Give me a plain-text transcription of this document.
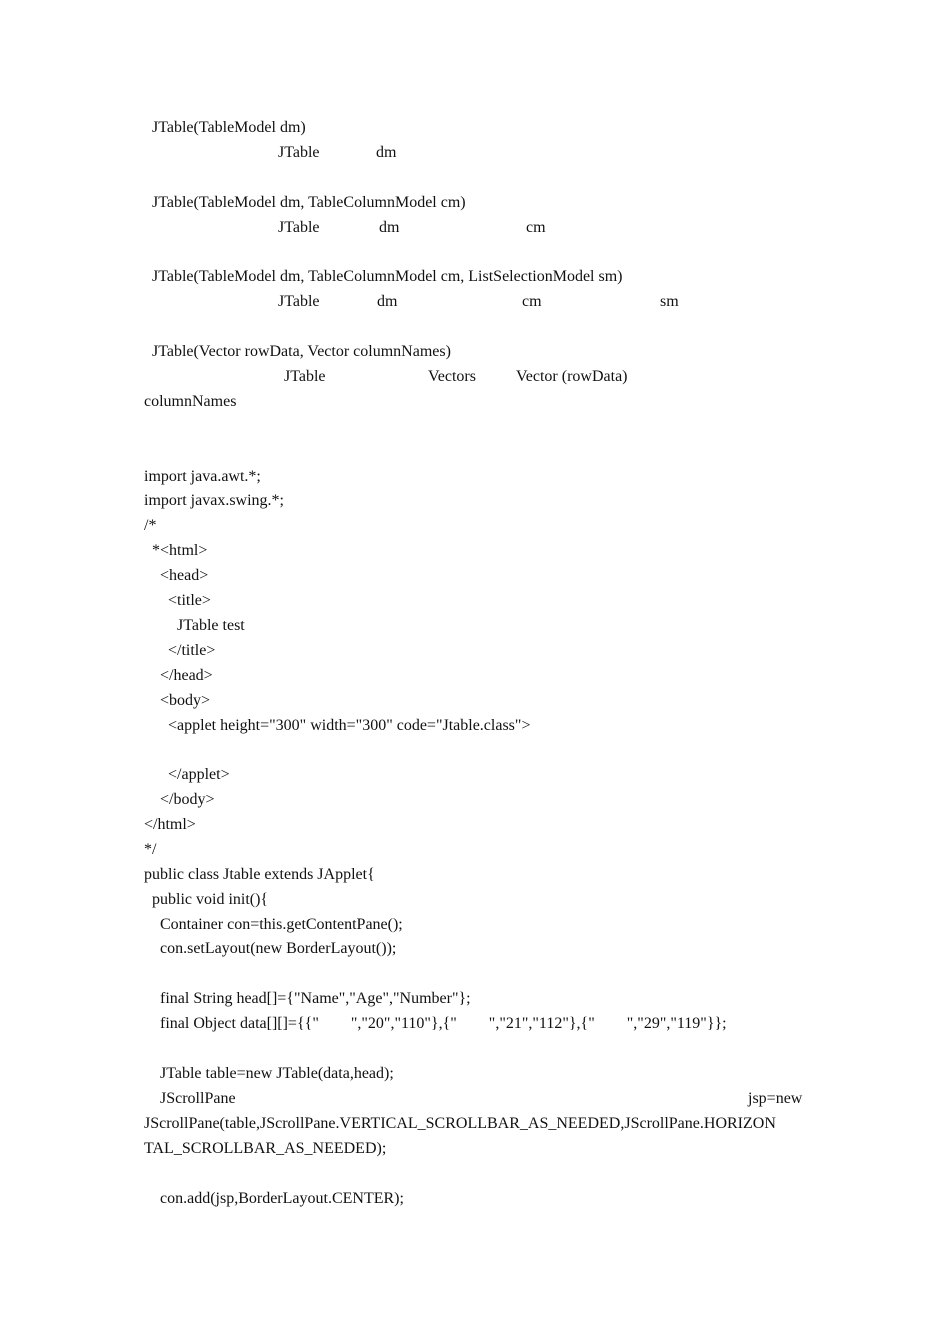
JTable(TableModel dm)
JTable	dm
JTable(TableModel dm, TableColumnModel cm)
JTable	dm	cm
JTable(TableModel dm, TableColumnModel cm, ListSelectionModel sm)
JTable	dm	cm	sm
JTable(Vector rowData, Vector columnNames)
JTable	Vectors	Vector (rowData)
columnNames
import java.awt.*;
import javax.swing.*;
/*
*<html>
<head>
<title>
JTable test
</title>
</head>
<body>
<applet height="300" width="300" code="Jtable.class">
</applet>
</body>
</html>
*/
public class Jtable extends JApplet{
public void init(){
Container con=this.getContentPane();
con.setLayout(new BorderLayout());
final String head[]={"Name","Age","Number"};
final Object data[][]={{"        ","20","110"},{"        ","21","112"},{"        ","29","119"}};
JTable table=new JTable(data,head);
JScrollPane	jsp=new
JScrollPane(table,JScrollPane.VERTICAL_SCROLLBAR_AS_NEEDED,JScrollPane.HORIZON
TAL_SCROLLBAR_AS_NEEDED);
con.add(jsp,BorderLayout.CENTER);
